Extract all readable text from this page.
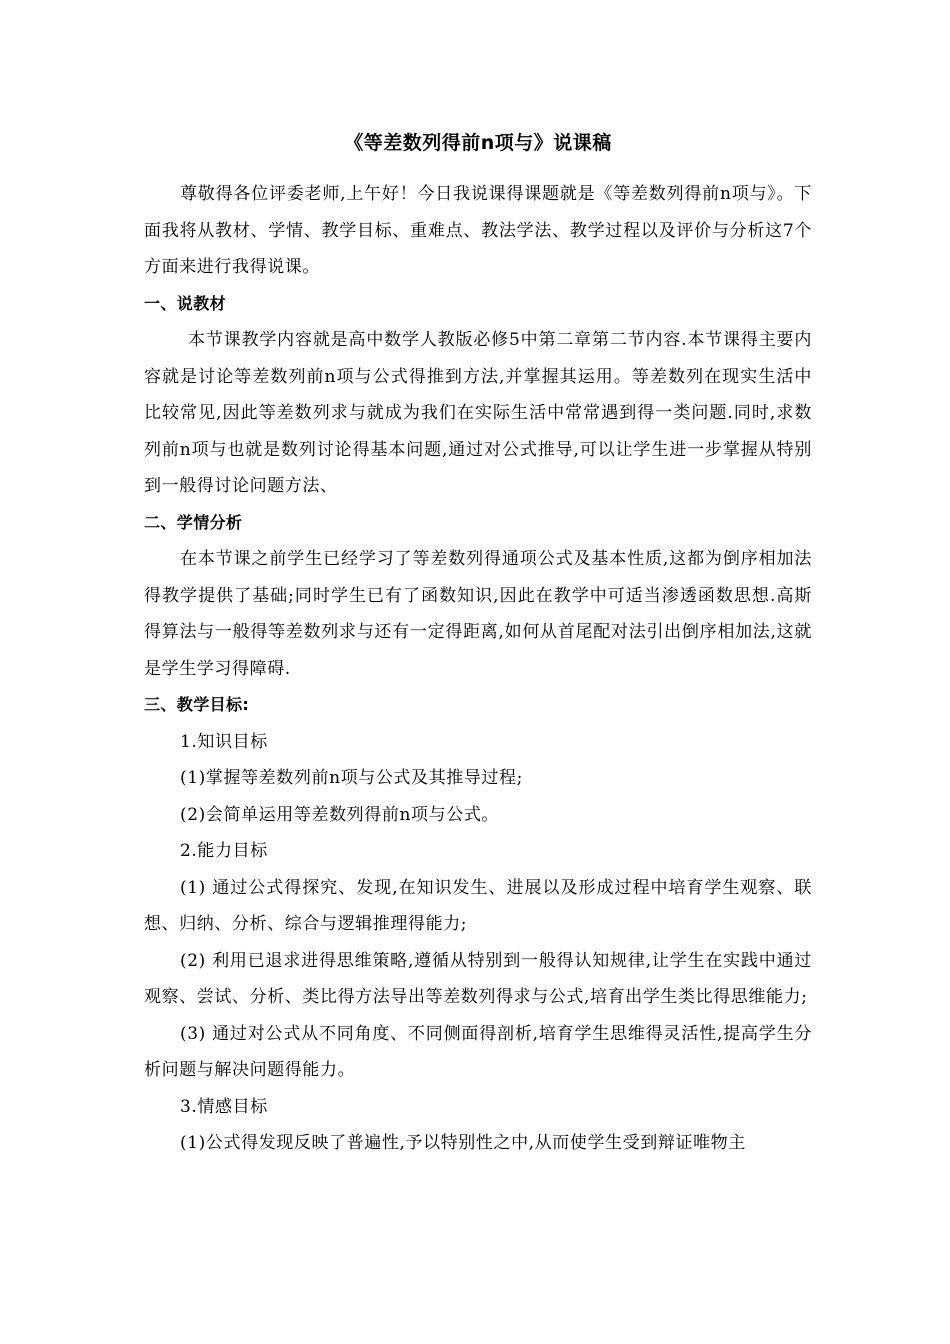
《等差数列得前n项与》说课稿

尊敬得各位评委老师,上午好！今日我说课得课题就是《等差数列得前n项与》。下面我将从教材、学情、教学目标、重难点、教法学法、教学过程以及评价与分析这7个方面来进行我得说课。

一、说教材

本节课教学内容就是高中数学人教版必修5中第二章第二节内容.本节课得主要内容就是讨论等差数列前n项与公式得推到方法,并掌握其运用。等差数列在现实生活中比较常见,因此等差数列求与就成为我们在实际生活中常常遇到得一类问题.同时,求数列前n项与也就是数列讨论得基本问题,通过对公式推导,可以让学生进一步掌握从特别到一般得讨论问题方法、

二、学情分析

在本节课之前学生已经学习了等差数列得通项公式及基本性质,这都为倒序相加法得教学提供了基础;同时学生已有了函数知识,因此在教学中可适当渗透函数思想.高斯得算法与一般得等差数列求与还有一定得距离,如何从首尾配对法引出倒序相加法,这就是学生学习得障碍.

三、教学目标:

1.知识目标

(1)掌握等差数列前n项与公式及其推导过程;

(2)会简单运用等差数列得前n项与公式。

2.能力目标

(1) 通过公式得探究、发现,在知识发生、进展以及形成过程中培育学生观察、联想、归纳、分析、综合与逻辑推理得能力;

(2) 利用已退求进得思维策略,遵循从特别到一般得认知规律,让学生在实践中通过观察、尝试、分析、类比得方法导出等差数列得求与公式,培育出学生类比得思维能力;

(3) 通过对公式从不同角度、不同侧面得剖析,培育学生思维得灵活性,提高学生分析问题与解决问题得能力。

3.情感目标

(1)公式得发现反映了普遍性,予以特别性之中,从而使学生受到辩证唯物主
